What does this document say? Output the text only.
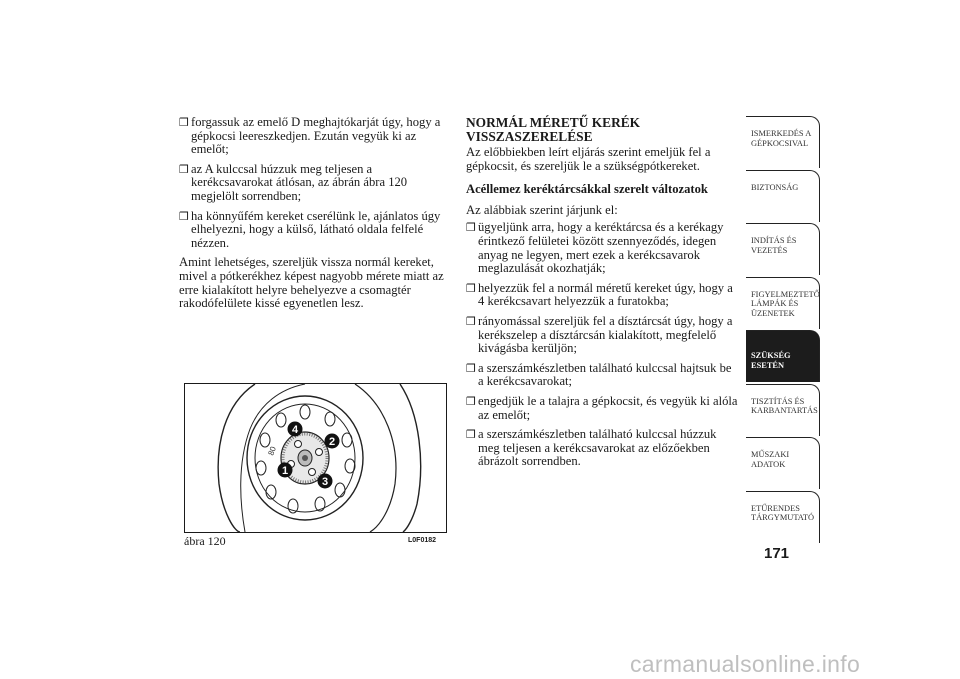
❒ forgassuk az emelő D meghajtókarját úgy, hogy a gépkocsi leereszkedjen. Ezután vegyük ki az emelőt;
❒ az A kulccsal húzzuk meg teljesen a kerékcsavarokat átlósan, az ábrán ábra 120 megjelölt sorrendben;
❒ ha könnyűfém kereket cserélünk le, ajánlatos úgy elhelyezni, hogy a külső, látható oldala felfelé nézzen.
Amint lehetséges, szereljük vissza normál kereket, mivel a pótkerékhez képest nagyobb mérete miatt az erre kialakított helyre behelyezve a csomagtér rakodófelülete kissé egyenetlen lesz.
1
2
3
4
80
ábra 120	L0F0182
NORMÁL MÉRETŰ KERÉK VISSZASZERELÉSE
Az előbbiekben leírt eljárás szerint emeljük fel a gépkocsit, és szereljük le a szükségpótkereket.
Acéllemez keréktárcsákkal szerelt változatok
Az alábbiak szerint járjunk el:
❒ ügyeljünk arra, hogy a keréktárcsa és a kerékagy érintkező felületei között szennyeződés, idegen anyag ne legyen, mert ezek a kerékcsavarok meglazulását okozhatják;
❒ helyezzük fel a normál méretű kereket úgy, hogy a 4 kerékcsavart helyezzük a furatokba;
❒ rányomással szereljük fel a dísztárcsát úgy, hogy a kerékszelep a dísztárcsán kialakított, megfelelő kivágásba kerüljön;
❒ a szerszámkészletben található kulccsal hajtsuk be a kerékcsavarokat;
❒ engedjük le a talajra a gépkocsit, és vegyük ki alóla az emelőt;
❒ a szerszámkészletben található kulccsal húzzuk meg teljesen a kerékcsavarokat az előzőekben ábrázolt sorrendben.
ISMERKEDÉS A GÉPKOCSIVAL
BIZTONSÁG
INDÍTÁS ÉS VEZETÉS
FIGYELMEZTETŐ LÁMPÁK ÉS ÜZENETEK
SZÜKSÉG ESETÉN
TISZTÍTÁS ÉS KARBANTARTÁS
MŰSZAKI ADATOK
ETŰRENDES TÁRGYMUTATÓ
171
carmanualsonline.info
